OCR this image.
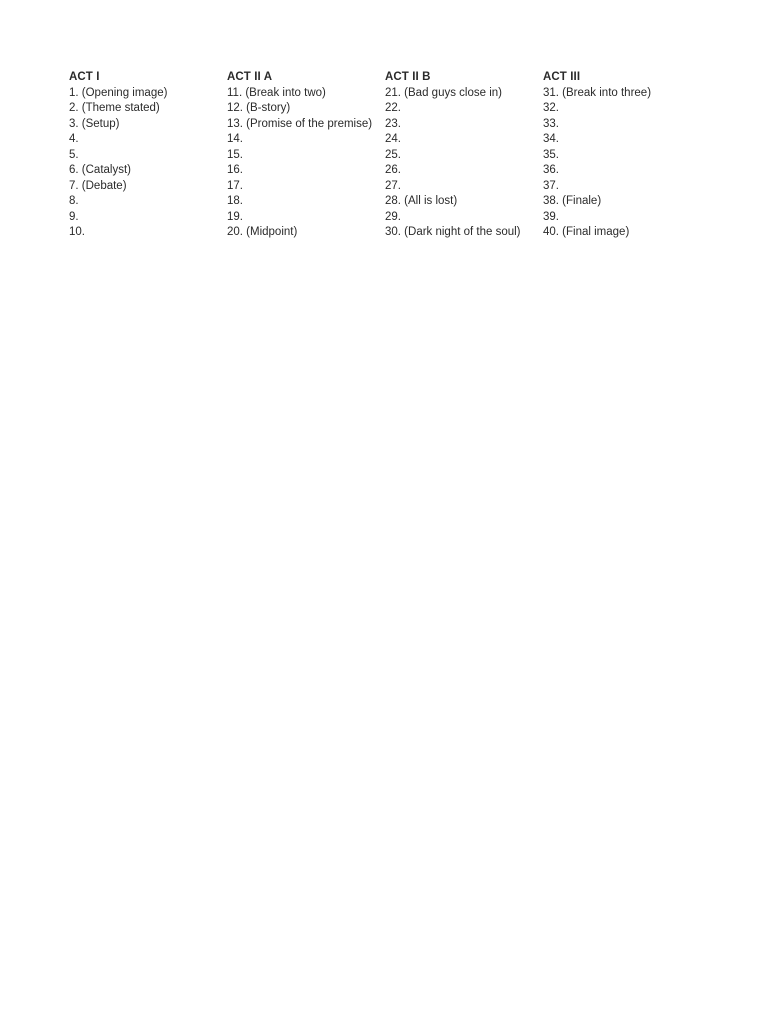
ACT I
1. (Opening image)
2. (Theme stated)
3. (Setup)
4.
5.
6. (Catalyst)
7. (Debate)
8.
9.
10.
ACT II A
11. (Break into two)
12. (B-story)
13. (Promise of the premise)
14.
15.
16.
17.
18.
19.
20. (Midpoint)
ACT II B
21. (Bad guys close in)
22.
23.
24.
25.
26.
27.
28. (All is lost)
29.
30. (Dark night of the soul)
ACT III
31. (Break into three)
32.
33.
34.
35.
36.
37.
38. (Finale)
39.
40. (Final image)
